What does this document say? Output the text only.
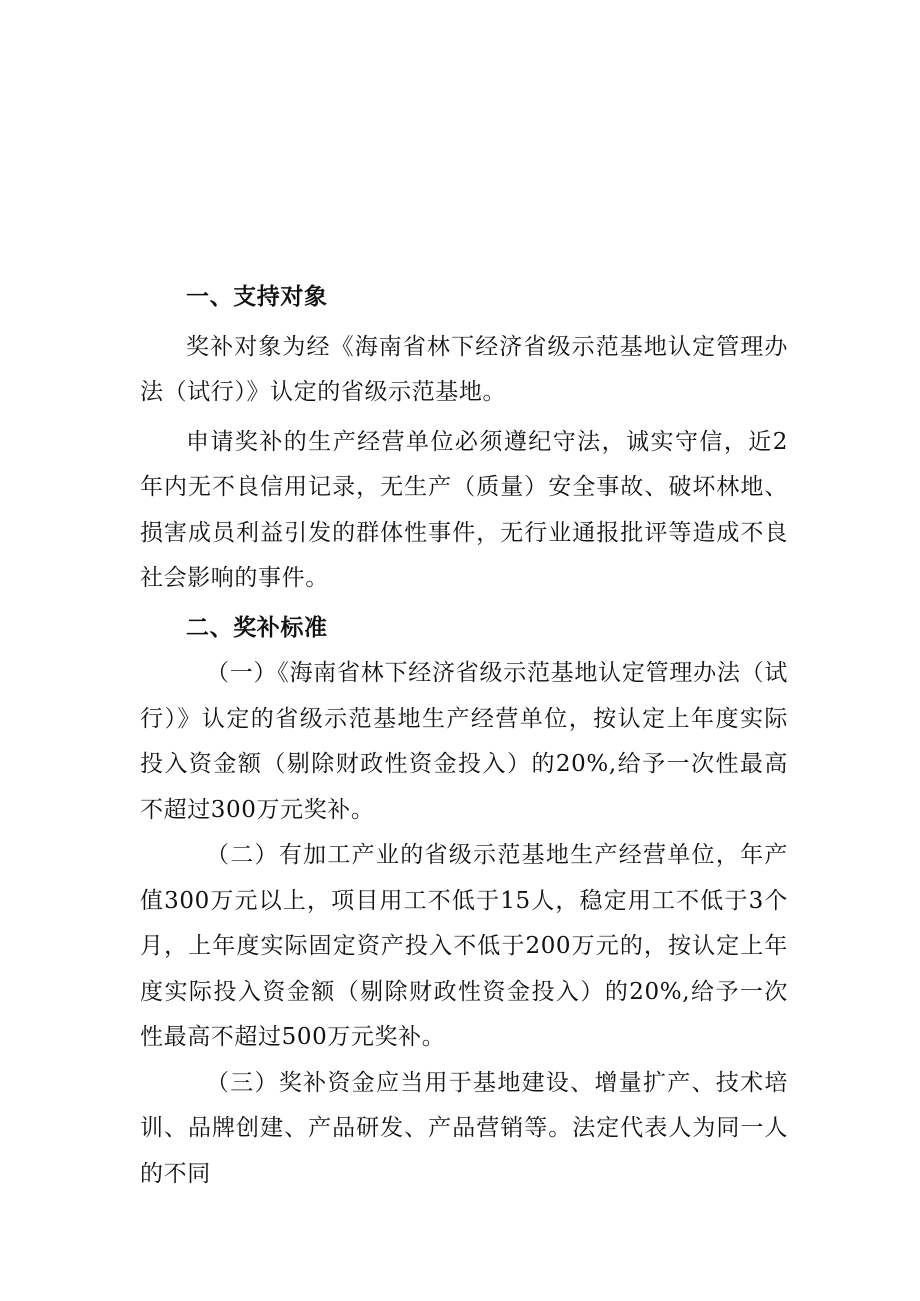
一、支持对象

奖补对象为经《海南省林下经济省级示范基地认定管理办法（试行）》认定的省级示范基地。

申请奖补的生产经营单位必须遵纪守法，诚实守信，近2年内无不良信用记录，无生产（质量）安全事故、破坏林地、损害成员利益引发的群体性事件，无行业通报批评等造成不良社会影响的事件。

二、奖补标准

（一）《海南省林下经济省级示范基地认定管理办法（试行）》认定的省级示范基地生产经营单位，按认定上年度实际投入资金额（剔除财政性资金投入）的20%,给予一次性最高不超过300万元奖补。

（二）有加工产业的省级示范基地生产经营单位，年产值300万元以上，项目用工不低于15人，稳定用工不低于3个月，上年度实际固定资产投入不低于200万元的，按认定上年度实际投入资金额（剔除财政性资金投入）的20%,给予一次性最高不超过500万元奖补。

（三）奖补资金应当用于基地建设、增量扩产、技术培训、品牌创建、产品研发、产品营销等。法定代表人为同一人的不同
